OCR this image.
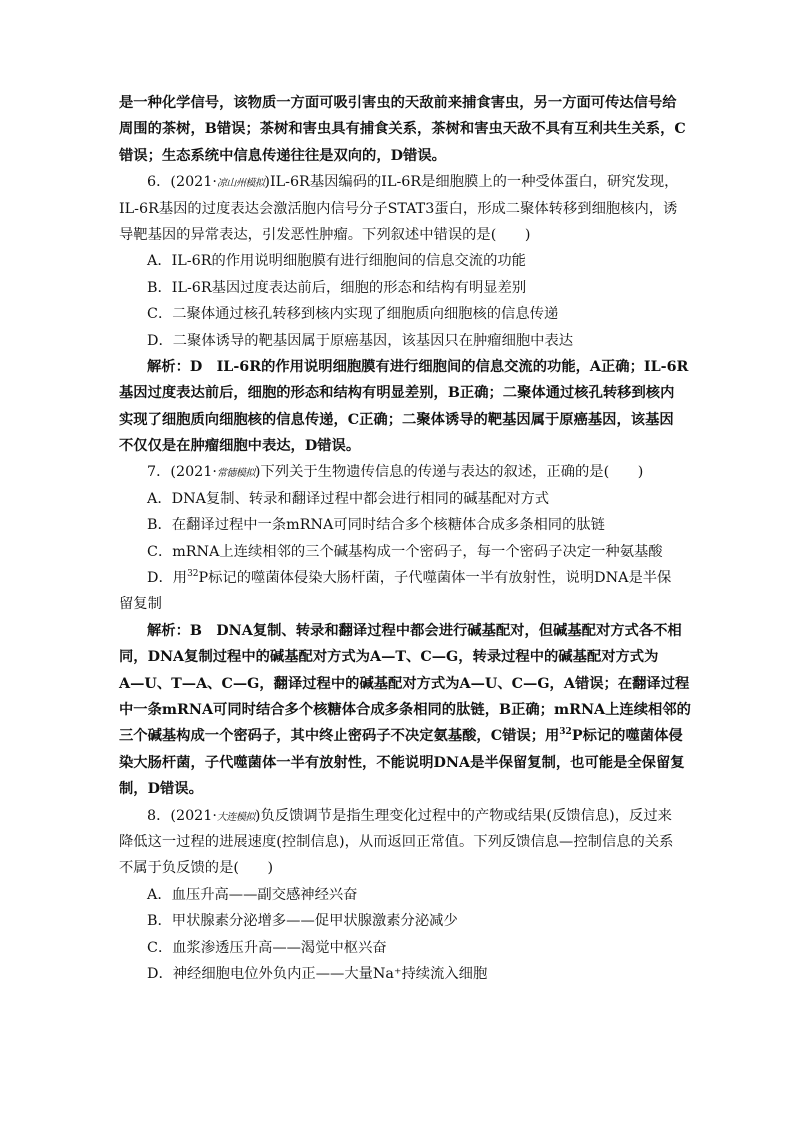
是一种化学信号，该物质一方面可吸引害虫的天敌前来捕食害虫，另一方面可传达信号给
周围的茶树，B错误；茶树和害虫具有捕食关系，茶树和害虫天敌不具有互利共生关系，C
错误；生态系统中信息传递往往是双向的，D错误。
6．(2021·凉山州模拟)IL-6R基因编码的IL-6R是细胞膜上的一种受体蛋白，研究发现，
IL-6R基因的过度表达会激活胞内信号分子STAT3蛋白，形成二聚体转移到细胞核内，诱
导靶基因的异常表达，引发恶性肿瘤。下列叙述中错误的是(　　)
A．IL-6R的作用说明细胞膜有进行细胞间的信息交流的功能
B．IL-6R基因过度表达前后，细胞的形态和结构有明显差别
C．二聚体通过核孔转移到核内实现了细胞质向细胞核的信息传递
D．二聚体诱导的靶基因属于原癌基因，该基因只在肿瘤细胞中表达
解析：D　IL-6R的作用说明细胞膜有进行细胞间的信息交流的功能，A正确；IL-6R
基因过度表达前后，细胞的形态和结构有明显差别，B正确；二聚体通过核孔转移到核内
实现了细胞质向细胞核的信息传递，C正确；二聚体诱导的靶基因属于原癌基因，该基因
不仅仅是在肿瘤细胞中表达，D错误。
7．(2021·常德模拟)下列关于生物遗传信息的传递与表达的叙述，正确的是(　　)
A．DNA复制、转录和翻译过程中都会进行相同的碱基配对方式
B．在翻译过程中一条mRNA可同时结合多个核糖体合成多条相同的肽链
C．mRNA上连续相邻的三个碱基构成一个密码子，每一个密码子决定一种氨基酸
D．用$^{32}$P标记的噬菌体侵染大肠杆菌，子代噬菌体一半有放射性，说明DNA是半保
留复制
解析：B　DNA复制、转录和翻译过程中都会进行碱基配对，但碱基配对方式各不相
同，DNA复制过程中的碱基配对方式为A—T、C—G，转录过程中的碱基配对方式为
A—U、T—A、C—G，翻译过程中的碱基配对方式为A—U、C—G，A错误；在翻译过程
中一条mRNA可同时结合多个核糖体合成多条相同的肽链，B正确；mRNA上连续相邻的
三个碱基构成一个密码子，其中终止密码子不决定氨基酸，C错误；用$^{32}$P标记的噬菌体侵
染大肠杆菌，子代噬菌体一半有放射性，不能说明DNA是半保留复制，也可能是全保留复
制，D错误。
8．(2021·大连模拟)负反馈调节是指生理变化过程中的产物或结果(反馈信息)，反过来
降低这一过程的进展速度(控制信息)，从而返回正常值。下列反馈信息—控制信息的关系
不属于负反馈的是(　　)
A．血压升高——副交感神经兴奋
B．甲状腺素分泌增多——促甲状腺激素分泌减少
C．血浆渗透压升高——渴觉中枢兴奋
D．神经细胞电位外负内正——大量Na⁺持续流入细胞
